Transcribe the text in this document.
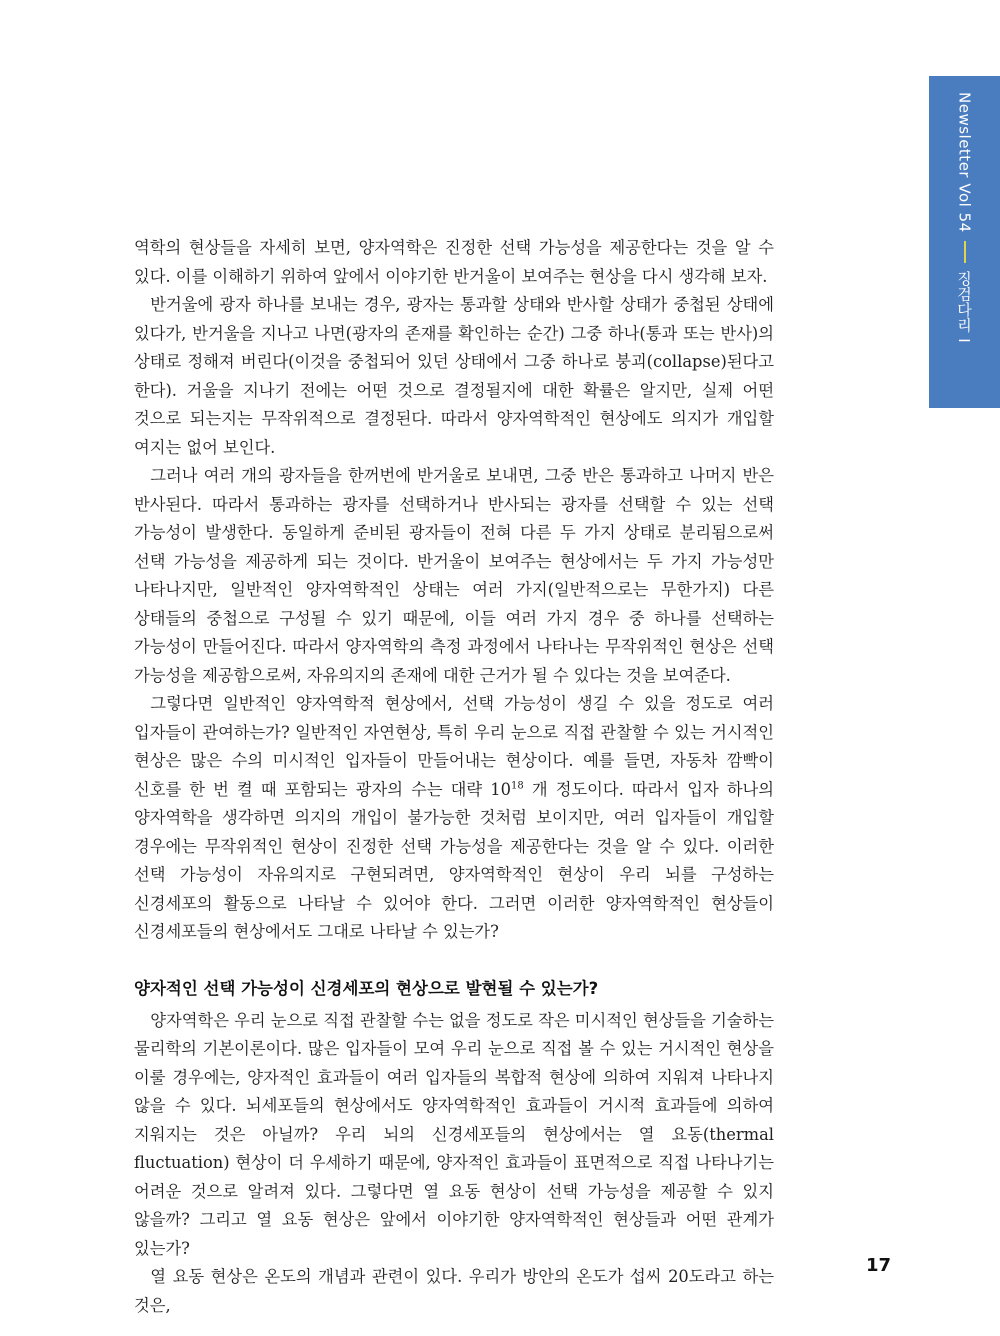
Newsletter Vol 54
징검다리 I

역학의 현상들을 자세히 보면, 양자역학은 진정한 선택 가능성을 제공한다는 것을 알 수 있다. 이를 이해하기 위하여 앞에서 이야기한 반거울이 보여주는 현상을 다시 생각해 보자.

반거울에 광자 하나를 보내는 경우, 광자는 통과할 상태와 반사할 상태가 중첩된 상태에 있다가, 반거울을 지나고 나면(광자의 존재를 확인하는 순간) 그중 하나(통과 또는 반사)의 상태로 정해져 버린다(이것을 중첩되어 있던 상태에서 그중 하나로 붕괴(collapse)된다고 한다). 거울을 지나기 전에는 어떤 것으로 결정될지에 대한 확률은 알지만, 실제 어떤 것으로 되는지는 무작위적으로 결정된다. 따라서 양자역학적인 현상에도 의지가 개입할 여지는 없어 보인다.

그러나 여러 개의 광자들을 한꺼번에 반거울로 보내면, 그중 반은 통과하고 나머지 반은 반사된다. 따라서 통과하는 광자를 선택하거나 반사되는 광자를 선택할 수 있는 선택 가능성이 발생한다. 동일하게 준비된 광자들이 전혀 다른 두 가지 상태로 분리됨으로써 선택 가능성을 제공하게 되는 것이다. 반거울이 보여주는 현상에서는 두 가지 가능성만 나타나지만, 일반적인 양자역학적인 상태는 여러 가지(일반적으로는 무한가지) 다른 상태들의 중첩으로 구성될 수 있기 때문에, 이들 여러 가지 경우 중 하나를 선택하는 가능성이 만들어진다. 따라서 양자역학의 측정 과정에서 나타나는 무작위적인 현상은 선택 가능성을 제공함으로써, 자유의지의 존재에 대한 근거가 될 수 있다는 것을 보여준다.

그렇다면 일반적인 양자역학적 현상에서, 선택 가능성이 생길 수 있을 정도로 여러 입자들이 관여하는가? 일반적인 자연현상, 특히 우리 눈으로 직접 관찰할 수 있는 거시적인 현상은 많은 수의 미시적인 입자들이 만들어내는 현상이다. 예를 들면, 자동차 깜빡이 신호를 한 번 켤 때 포함되는 광자의 수는 대략 $10^{18}$ 개 정도이다. 따라서 입자 하나의 양자역학을 생각하면 의지의 개입이 불가능한 것처럼 보이지만, 여러 입자들이 개입할 경우에는 무작위적인 현상이 진정한 선택 가능성을 제공한다는 것을 알 수 있다. 이러한 선택 가능성이 자유의지로 구현되려면, 양자역학적인 현상이 우리 뇌를 구성하는 신경세포의 활동으로 나타날 수 있어야 한다. 그러면 이러한 양자역학적인 현상들이 신경세포들의 현상에서도 그대로 나타날 수 있는가?

양자적인 선택 가능성이 신경세포의 현상으로 발현될 수 있는가?

양자역학은 우리 눈으로 직접 관찰할 수는 없을 정도로 작은 미시적인 현상들을 기술하는 물리학의 기본이론이다. 많은 입자들이 모여 우리 눈으로 직접 볼 수 있는 거시적인 현상을 이룰 경우에는, 양자적인 효과들이 여러 입자들의 복합적 현상에 의하여 지워져 나타나지 않을 수 있다. 뇌세포들의 현상에서도 양자역학적인 효과들이 거시적 효과들에 의하여 지워지는 것은 아닐까? 우리 뇌의 신경세포들의 현상에서는 열 요동(thermal fluctuation) 현상이 더 우세하기 때문에, 양자적인 효과들이 표면적으로 직접 나타나기는 어려운 것으로 알려져 있다. 그렇다면 열 요동 현상이 선택 가능성을 제공할 수 있지 않을까? 그리고 열 요동 현상은 앞에서 이야기한 양자역학적인 현상들과 어떤 관계가 있는가?

열 요동 현상은 온도의 개념과 관련이 있다. 우리가 방안의 온도가 섭씨 20도라고 하는 것은,

17
